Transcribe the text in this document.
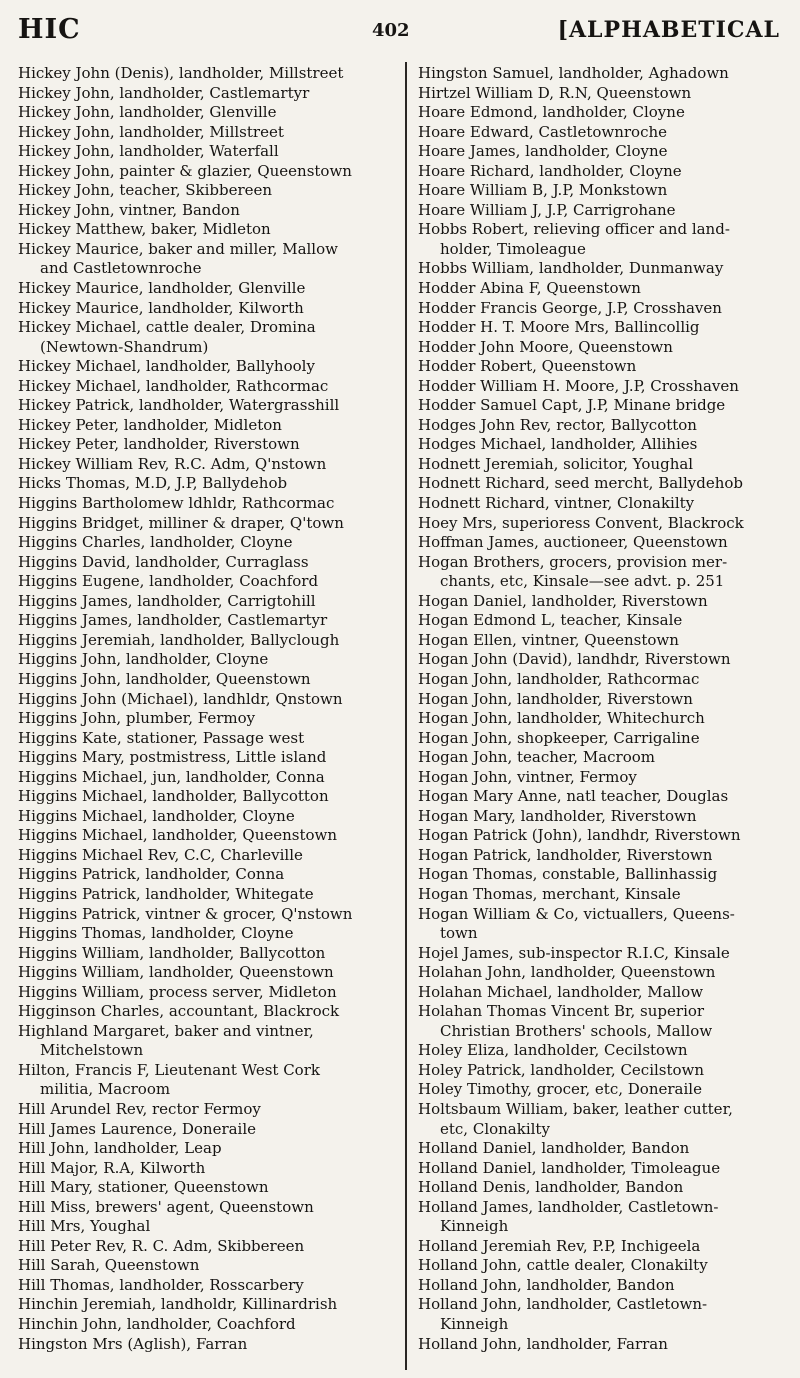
HIC	402	[ALPHABETICAL
Hickey John (Denis), landholder, Millstreet
Hickey John, landholder, Castlemartyr
Hickey John, landholder, Glenville
Hickey John, landholder, Millstreet
Hickey John, landholder, Waterfall
Hickey John, painter & glazier, Queenstown
Hickey John, teacher, Skibbereen
Hickey John, vintner, Bandon
Hickey Matthew, baker, Midleton
Hickey Maurice, baker and miller, Mallow
and Castletownroche
Hickey Maurice, landholder, Glenville
Hickey Maurice, landholder, Kilworth
Hickey Michael, cattle dealer, Dromina
(Newtown-Shandrum)
Hickey Michael, landholder, Ballyhooly
Hickey Michael, landholder, Rathcormac
Hickey Patrick, landholder, Watergrasshill
Hickey Peter, landholder, Midleton
Hickey Peter, landholder, Riverstown
Hickey William Rev, R.C. Adm, Q'nstown
Hicks Thomas, M.D, J.P, Ballydehob
Higgins Bartholomew ldhldr, Rathcormac
Higgins Bridget, milliner & draper, Q'town
Higgins Charles, landholder, Cloyne
Higgins David, landholder, Curraglass
Higgins Eugene, landholder, Coachford
Higgins James, landholder, Carrigtohill
Higgins James, landholder, Castlemartyr
Higgins Jeremiah, landholder, Ballyclough
Higgins John, landholder, Cloyne
Higgins John, landholder, Queenstown
Higgins John (Michael), landhldr, Qnstown
Higgins John, plumber, Fermoy
Higgins Kate, stationer, Passage west
Higgins Mary, postmistress, Little island
Higgins Michael, jun, landholder, Conna
Higgins Michael, landholder, Ballycotton
Higgins Michael, landholder, Cloyne
Higgins Michael, landholder, Queenstown
Higgins Michael Rev, C.C, Charleville
Higgins Patrick, landholder, Conna
Higgins Patrick, landholder, Whitegate
Higgins Patrick, vintner & grocer, Q'nstown
Higgins Thomas, landholder, Cloyne
Higgins William, landholder, Ballycotton
Higgins William, landholder, Queenstown
Higgins William, process server, Midleton
Higginson Charles, accountant, Blackrock
Highland Margaret, baker and vintner,
Mitchelstown
Hilton, Francis F, Lieutenant West Cork
militia, Macroom
Hill Arundel Rev, rector Fermoy
Hill James Laurence, Doneraile
Hill John, landholder, Leap
Hill Major, R.A, Kilworth
Hill Mary, stationer, Queenstown
Hill Miss, brewers' agent, Queenstown
Hill Mrs, Youghal
Hill Peter Rev, R. C. Adm, Skibbereen
Hill Sarah, Queenstown
Hill Thomas, landholder, Rosscarbery
Hinchin Jeremiah, landholdr, Killinardrish
Hinchin John, landholder, Coachford
Hingston Mrs (Aglish), Farran
Hingston Samuel, landholder, Aghadown
Hirtzel William D, R.N, Queenstown
Hoare Edmond, landholder, Cloyne
Hoare Edward, Castletownroche
Hoare James, landholder, Cloyne
Hoare Richard, landholder, Cloyne
Hoare William B, J.P, Monkstown
Hoare William J, J.P, Carrigrohane
Hobbs Robert, relieving officer and land-
holder, Timoleague
Hobbs William, landholder, Dunmanway
Hodder Abina F, Queenstown
Hodder Francis George, J.P, Crosshaven
Hodder H. T. Moore Mrs, Ballincollig
Hodder John Moore, Queenstown
Hodder Robert, Queenstown
Hodder William H. Moore, J.P, Crosshaven
Hodder Samuel Capt, J.P, Minane bridge
Hodges John Rev, rector, Ballycotton
Hodges Michael, landholder, Allihies
Hodnett Jeremiah, solicitor, Youghal
Hodnett Richard, seed mercht, Ballydehob
Hodnett Richard, vintner, Clonakilty
Hoey Mrs, superioress Convent, Blackrock
Hoffman James, auctioneer, Queenstown
Hogan Brothers, grocers, provision mer-
chants, etc, Kinsale—see advt. p. 251
Hogan Daniel, landholder, Riverstown
Hogan Edmond L, teacher, Kinsale
Hogan Ellen, vintner, Queenstown
Hogan John (David), landhdr, Riverstown
Hogan John, landholder, Rathcormac
Hogan John, landholder, Riverstown
Hogan John, landholder, Whitechurch
Hogan John, shopkeeper, Carrigaline
Hogan John, teacher, Macroom
Hogan John, vintner, Fermoy
Hogan Mary Anne, natl teacher, Douglas
Hogan Mary, landholder, Riverstown
Hogan Patrick (John), landhdr, Riverstown
Hogan Patrick, landholder, Riverstown
Hogan Thomas, constable, Ballinhassig
Hogan Thomas, merchant, Kinsale
Hogan William & Co, victuallers, Queens-
town
Hojel James, sub-inspector R.I.C, Kinsale
Holahan John, landholder, Queenstown
Holahan Michael, landholder, Mallow
Holahan Thomas Vincent Br, superior
Christian Brothers' schools, Mallow
Holey Eliza, landholder, Cecilstown
Holey Patrick, landholder, Cecilstown
Holey Timothy, grocer, etc, Doneraile
Holtsbaum William, baker, leather cutter,
etc, Clonakilty
Holland Daniel, landholder, Bandon
Holland Daniel, landholder, Timoleague
Holland Denis, landholder, Bandon
Holland James, landholder, Castletown-
Kinneigh
Holland Jeremiah Rev, P.P, Inchigeela
Holland John, cattle dealer, Clonakilty
Holland John, landholder, Bandon
Holland John, landholder, Castletown-
Kinneigh
Holland John, landholder, Farran
